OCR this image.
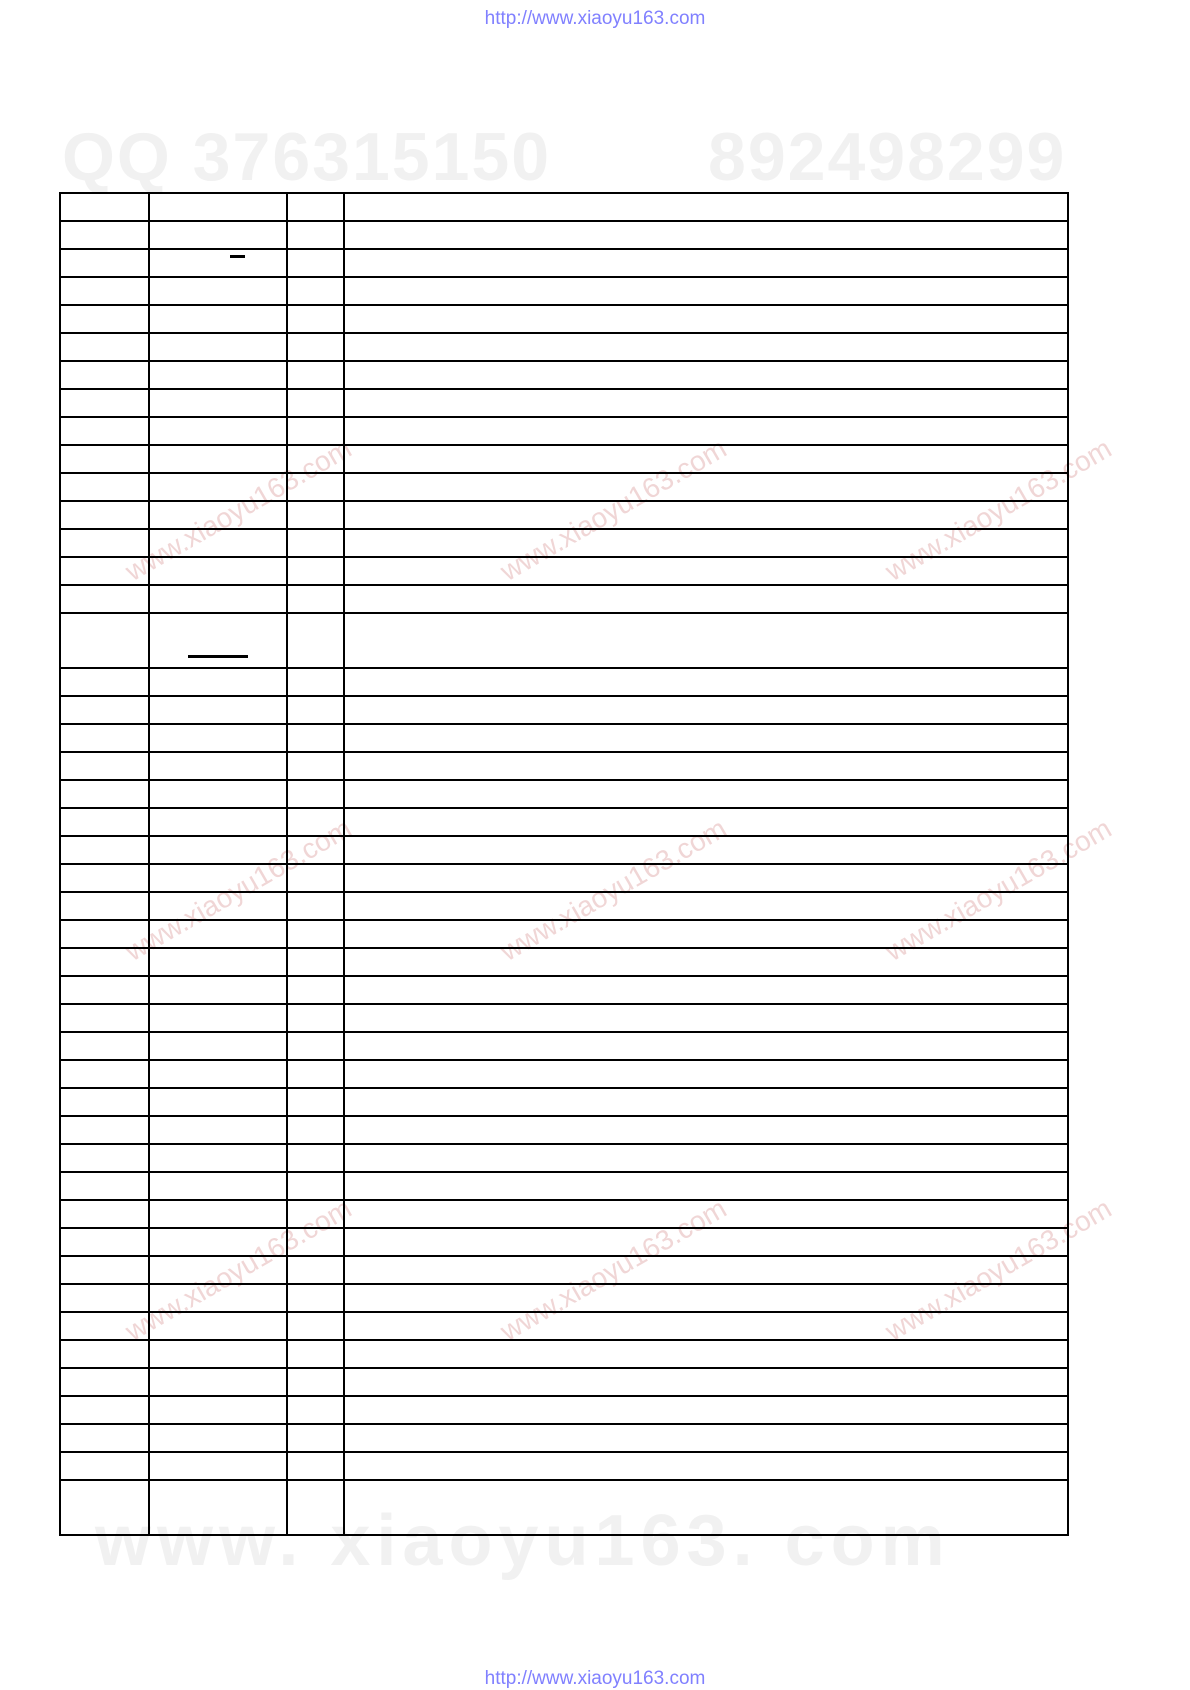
http://www.xiaoyu163.com
QQ 376315150 892498299
www.xiaoyu163.com	www.xiaoyu163.com	www.xiaoyu163.com
www.xiaoyu163.com	www.xiaoyu163.com	www.xiaoyu163.com
www.xiaoyu163.com	www.xiaoyu163.com	www.xiaoyu163.com
www. xiaoyu163. com

http://www.xiaoyu163.com
